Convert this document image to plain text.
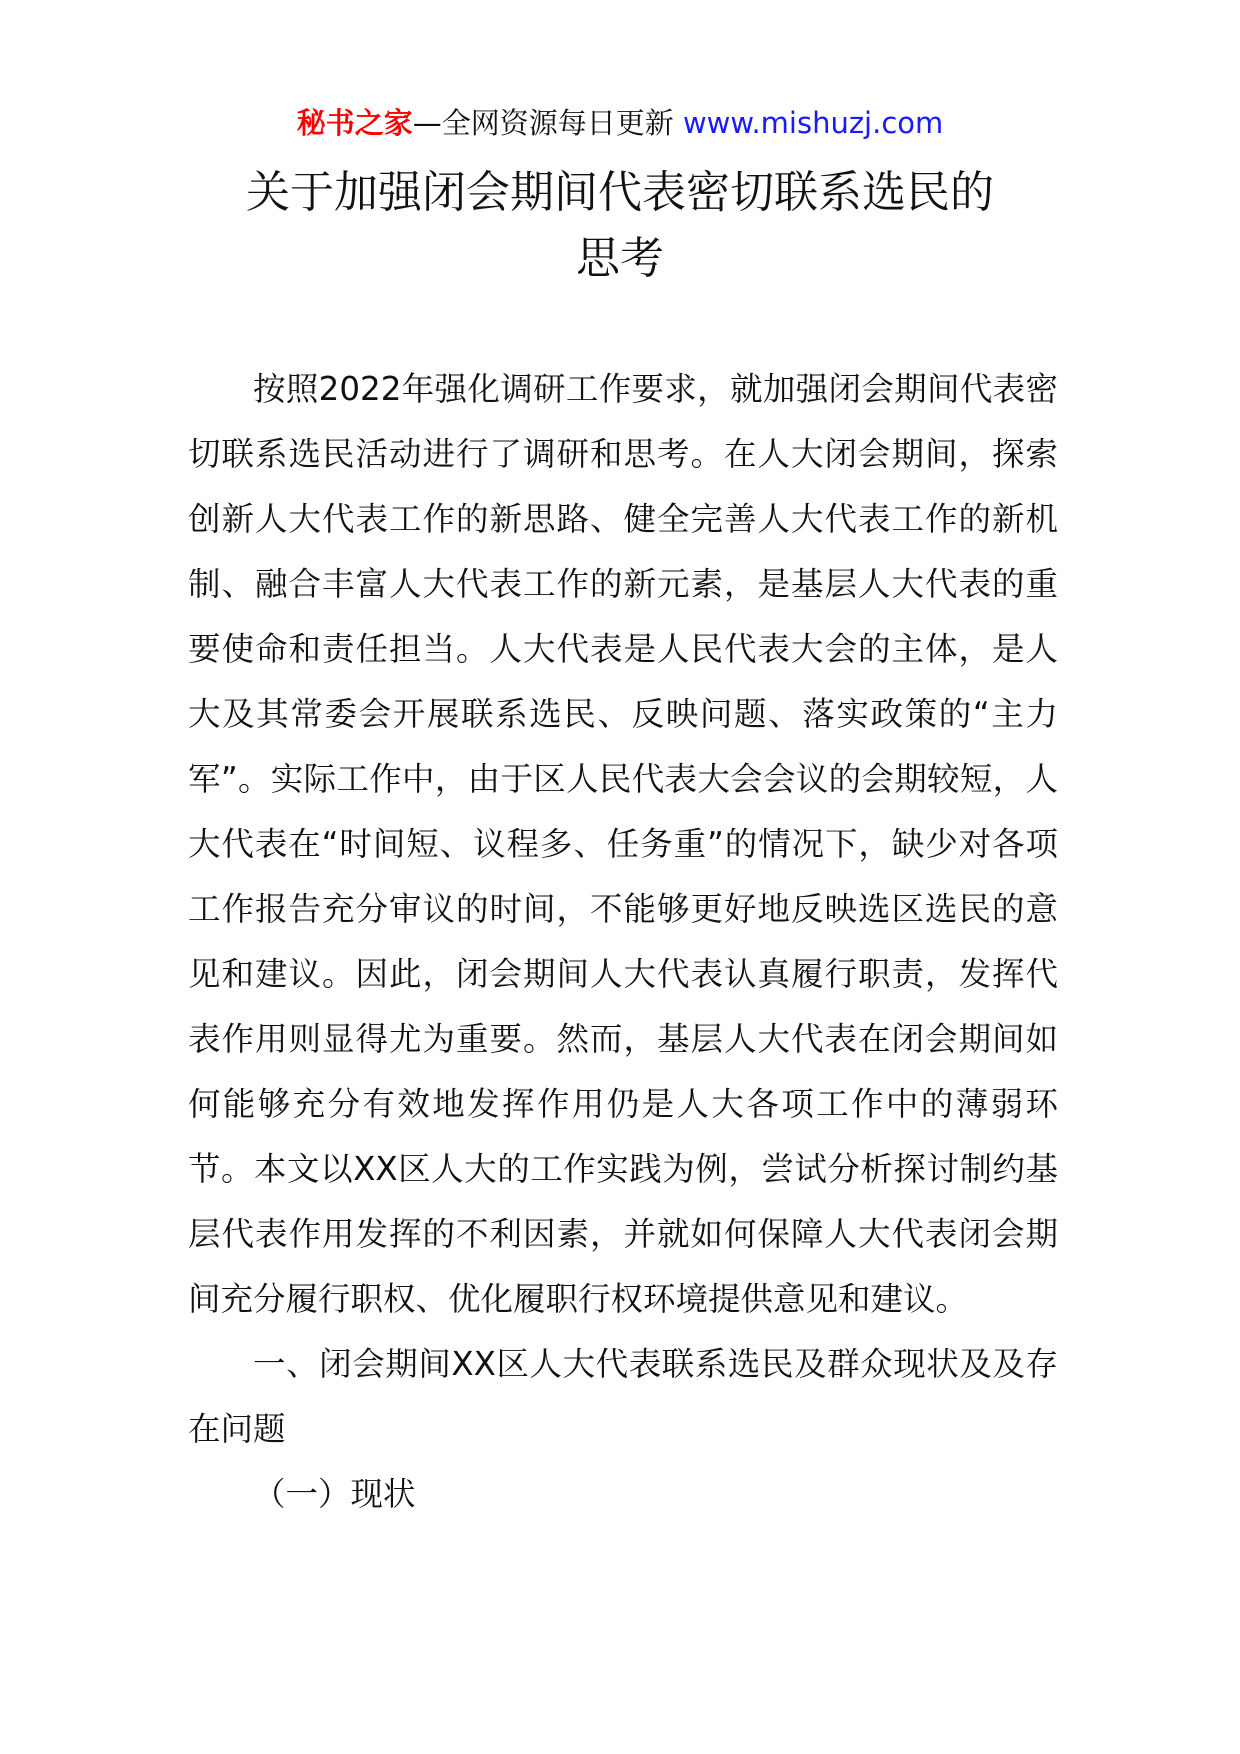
秘书之家—全网资源每日更新 www.mishuzj.com
关于加强闭会期间代表密切联系选民的
思考

按照2022年强化调研工作要求，就加强闭会期间代表密切联系选民活动进行了调研和思考。在人大闭会期间，探索创新人大代表工作的新思路、健全完善人大代表工作的新机制、融合丰富人大代表工作的新元素，是基层人大代表的重要使命和责任担当。人大代表是人民代表大会的主体，是人大及其常委会开展联系选民、反映问题、落实政策的“主力军”。实际工作中，由于区人民代表大会会议的会期较短，人大代表在“时间短、议程多、任务重”的情况下，缺少对各项工作报告充分审议的时间，不能够更好地反映选区选民的意见和建议。因此，闭会期间人大代表认真履行职责，发挥代表作用则显得尤为重要。然而，基层人大代表在闭会期间如何能够充分有效地发挥作用仍是人大各项工作中的薄弱环节。本文以XX区人大的工作实践为例，尝试分析探讨制约基层代表作用发挥的不利因素，并就如何保障人大代表闭会期间充分履行职权、优化履职行权环境提供意见和建议。

一、闭会期间XX区人大代表联系选民及群众现状及及存在问题

（一）现状
